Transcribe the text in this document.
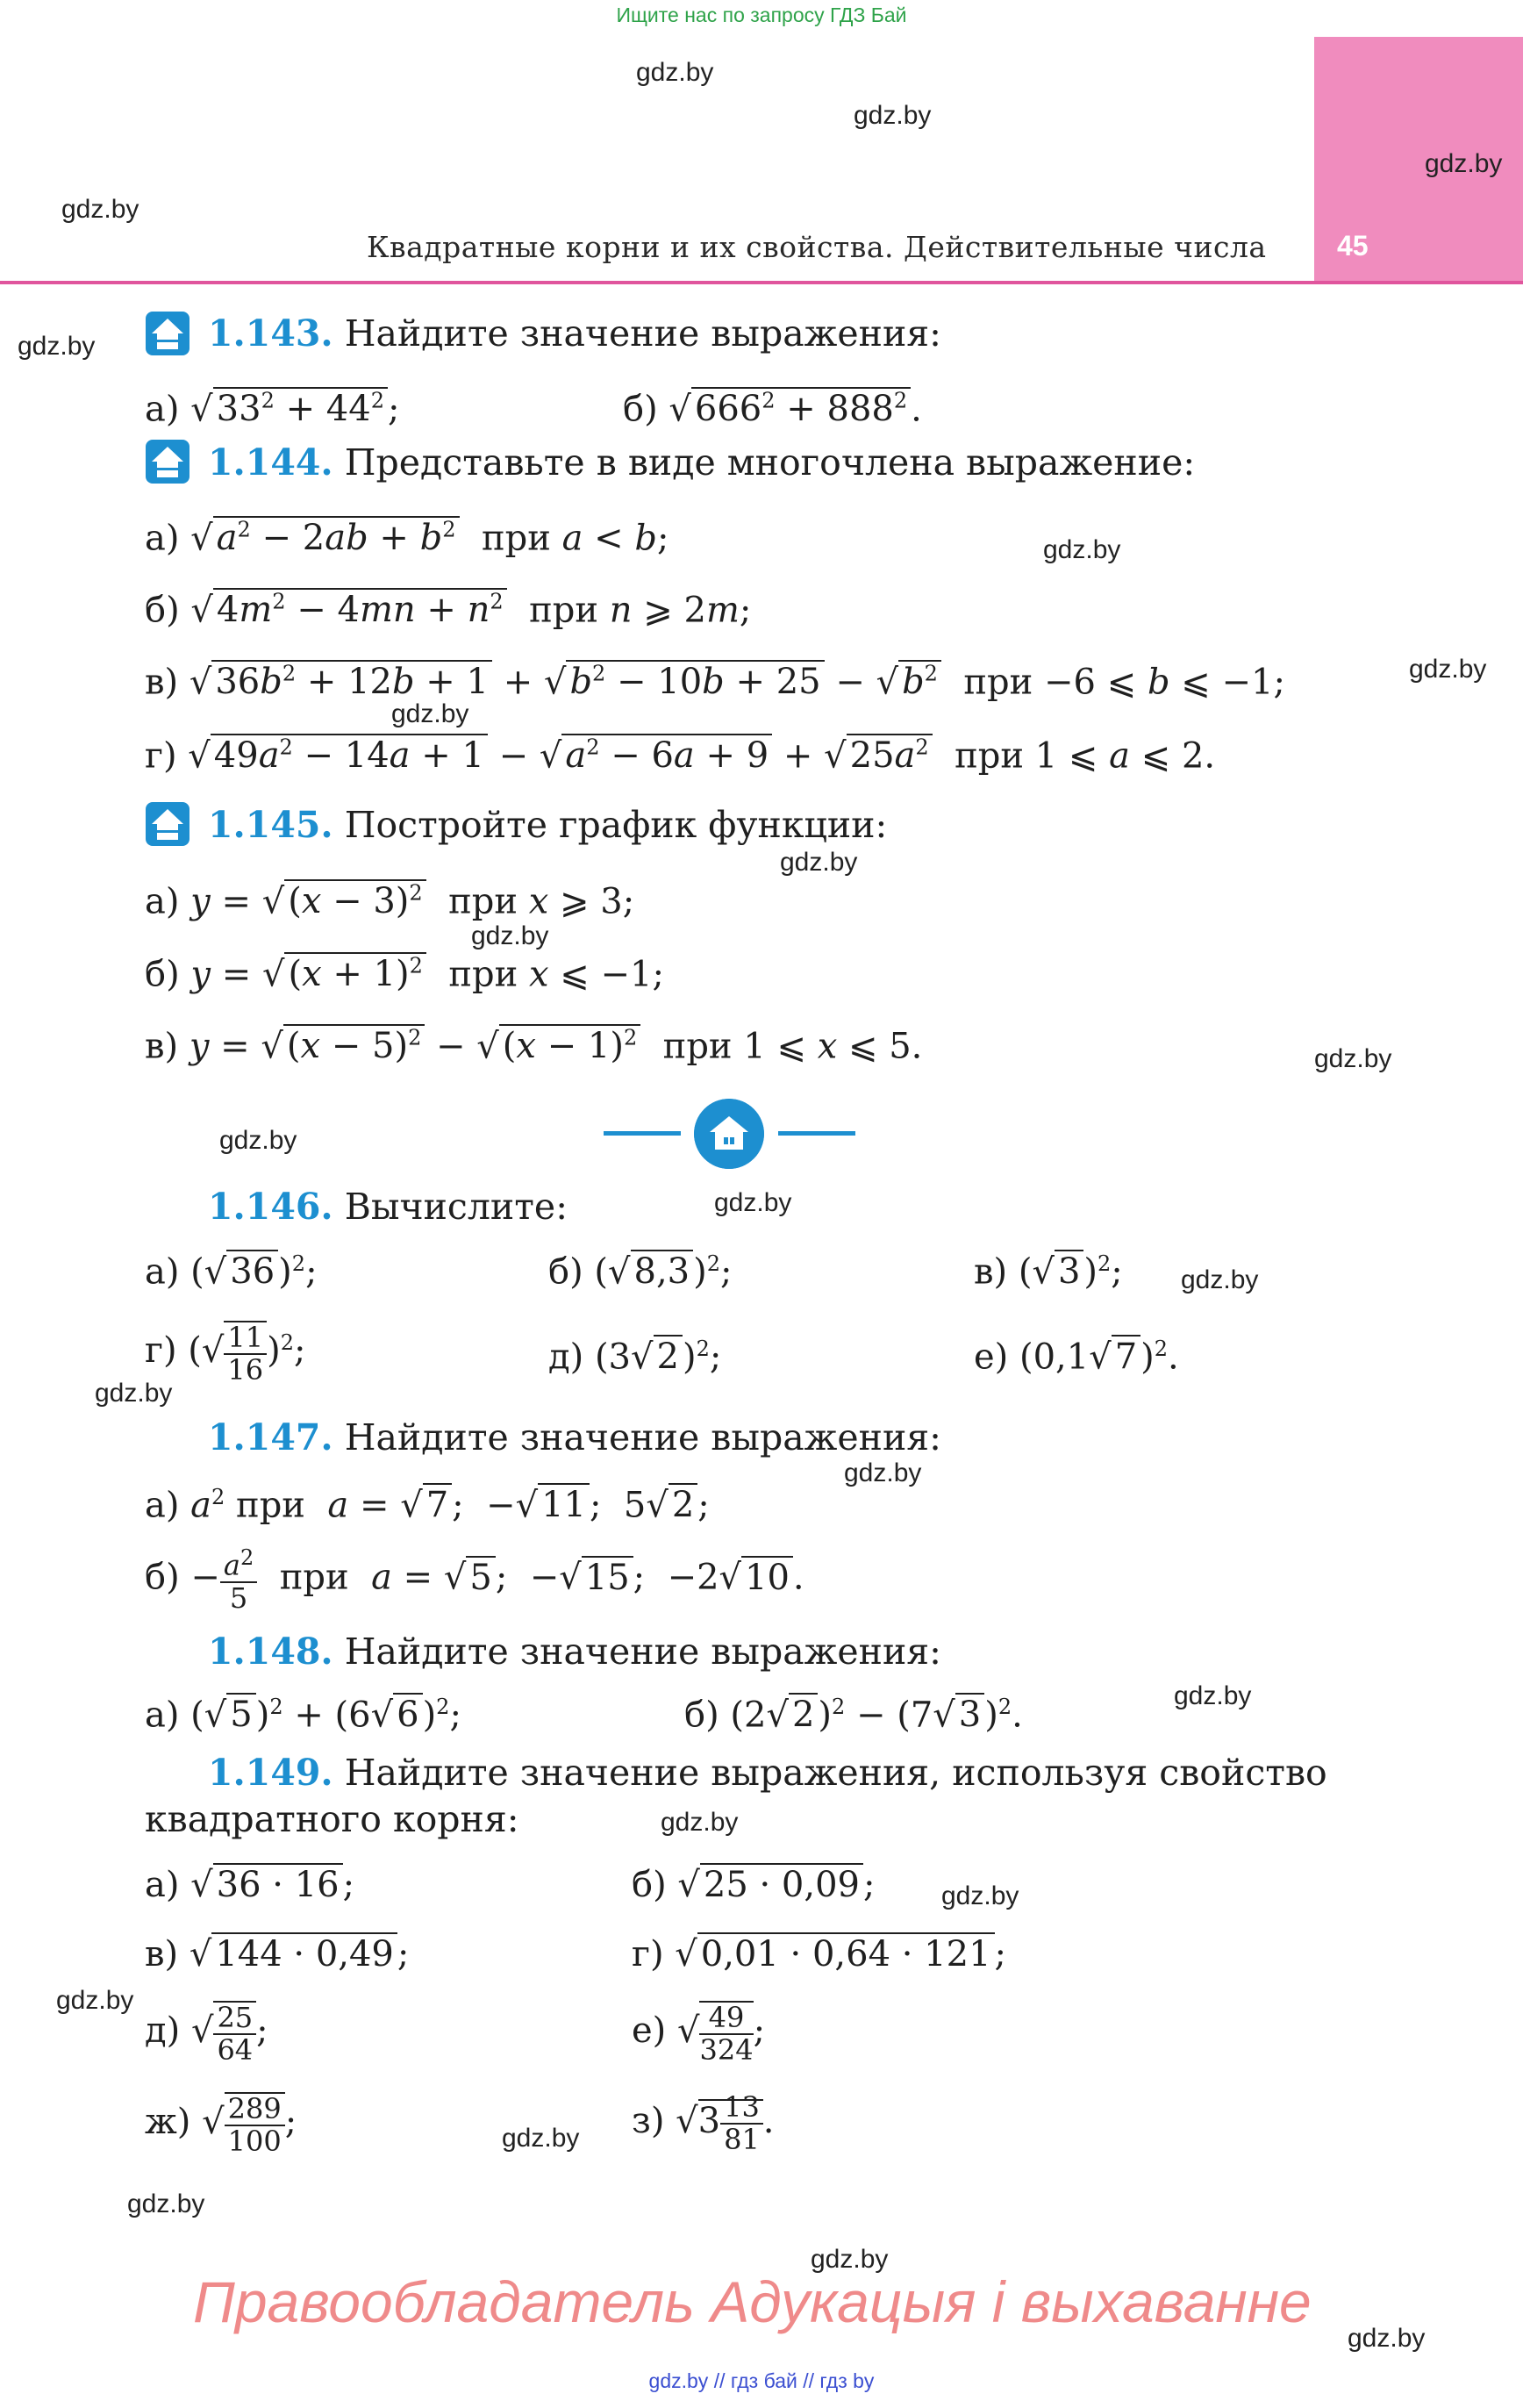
Ищите нас по запросу ГДЗ Бай
45
Квадратные корни и их свойства. Действительные числа
gdz.by
gdz.by
gdz.by
gdz.by
gdz.by
gdz.by
gdz.by
gdz.by
gdz.by
gdz.by
gdz.by
gdz.by
gdz.by
gdz.by
gdz.by
gdz.by
gdz.by
gdz.by
gdz.by
gdz.by
gdz.by
gdz.by
gdz.by
gdz.by
1.143. Найдите значение выражения:
а) √ $33^2 + 44^2$ ;	б) √ $666^2 + 888^2$ .
1.144. Представьте в виде многочлена выражение:
а) √ $a^2 - 2ab + b^2$  при a < b;
б) √ $4m^2 - 4mn + n^2$  при n ⩾ 2m;
в) √ $36b^2 + 12b + 1$ + √ $b^2 - 10b + 25$ − √ $b^2$  при −6 ⩽ b ⩽ −1;
г) √ $49a^2 - 14a + 1$ − √ $a^2 - 6a + 9$ + √ $25a^2$  при 1 ⩽ a ⩽ 2.
1.145. Постройте график функции:
а) y = √ $(x - 3)^2$  при x ⩾ 3;
б) y = √ $(x + 1)^2$  при x ⩽ −1;
в) y = √ $(x - 5)^2$ − √ $(x - 1)^2$  при 1 ⩽ x ⩽ 5.
1.146. Вычислите:
а) (√ 36 )$^2$;	б) (√ 8,3 )$^2$;	в) (√ 3 )$^2$;
г) (√ $\frac{11}{16} )^2$;	д) (3√ 2 )$^2$;	е) (0,1√ 7 )$^2$.
1.147. Найдите значение выражения:
а) $a^2$ при  a = √ 7 ;  −√ 11 ;  5√ 2 ;
$б) - \frac{a^2}{5}$ при  a = √ 5 ;  −√ 15 ;  −2√ 10 .
1.148. Найдите значение выражения:
а) (√ 5 )$^2$ + (6√ 6 )$^2$;	б) (2√ 2 )$^2$ − (7√ 3 )$^2$.
1.149. Найдите значение выражения, используя свойство
квадратного корня:
а) √ 36 · 16 ;	б) √ 25 · 0,09 ;
в) √ 144 · 0,49 ;	г) √ 0,01 · 0,64 · 121 ;
д) √ $\frac{25}{64}$ ;	е) √ $\frac{49}{324}$ ;
ж) √ $\frac{289}{100}$ ;	з) $√3 \frac{13}{81}$ .
Правообладатель Адукацыя і выхаванне
gdz.by // гдз бай // гдз by
